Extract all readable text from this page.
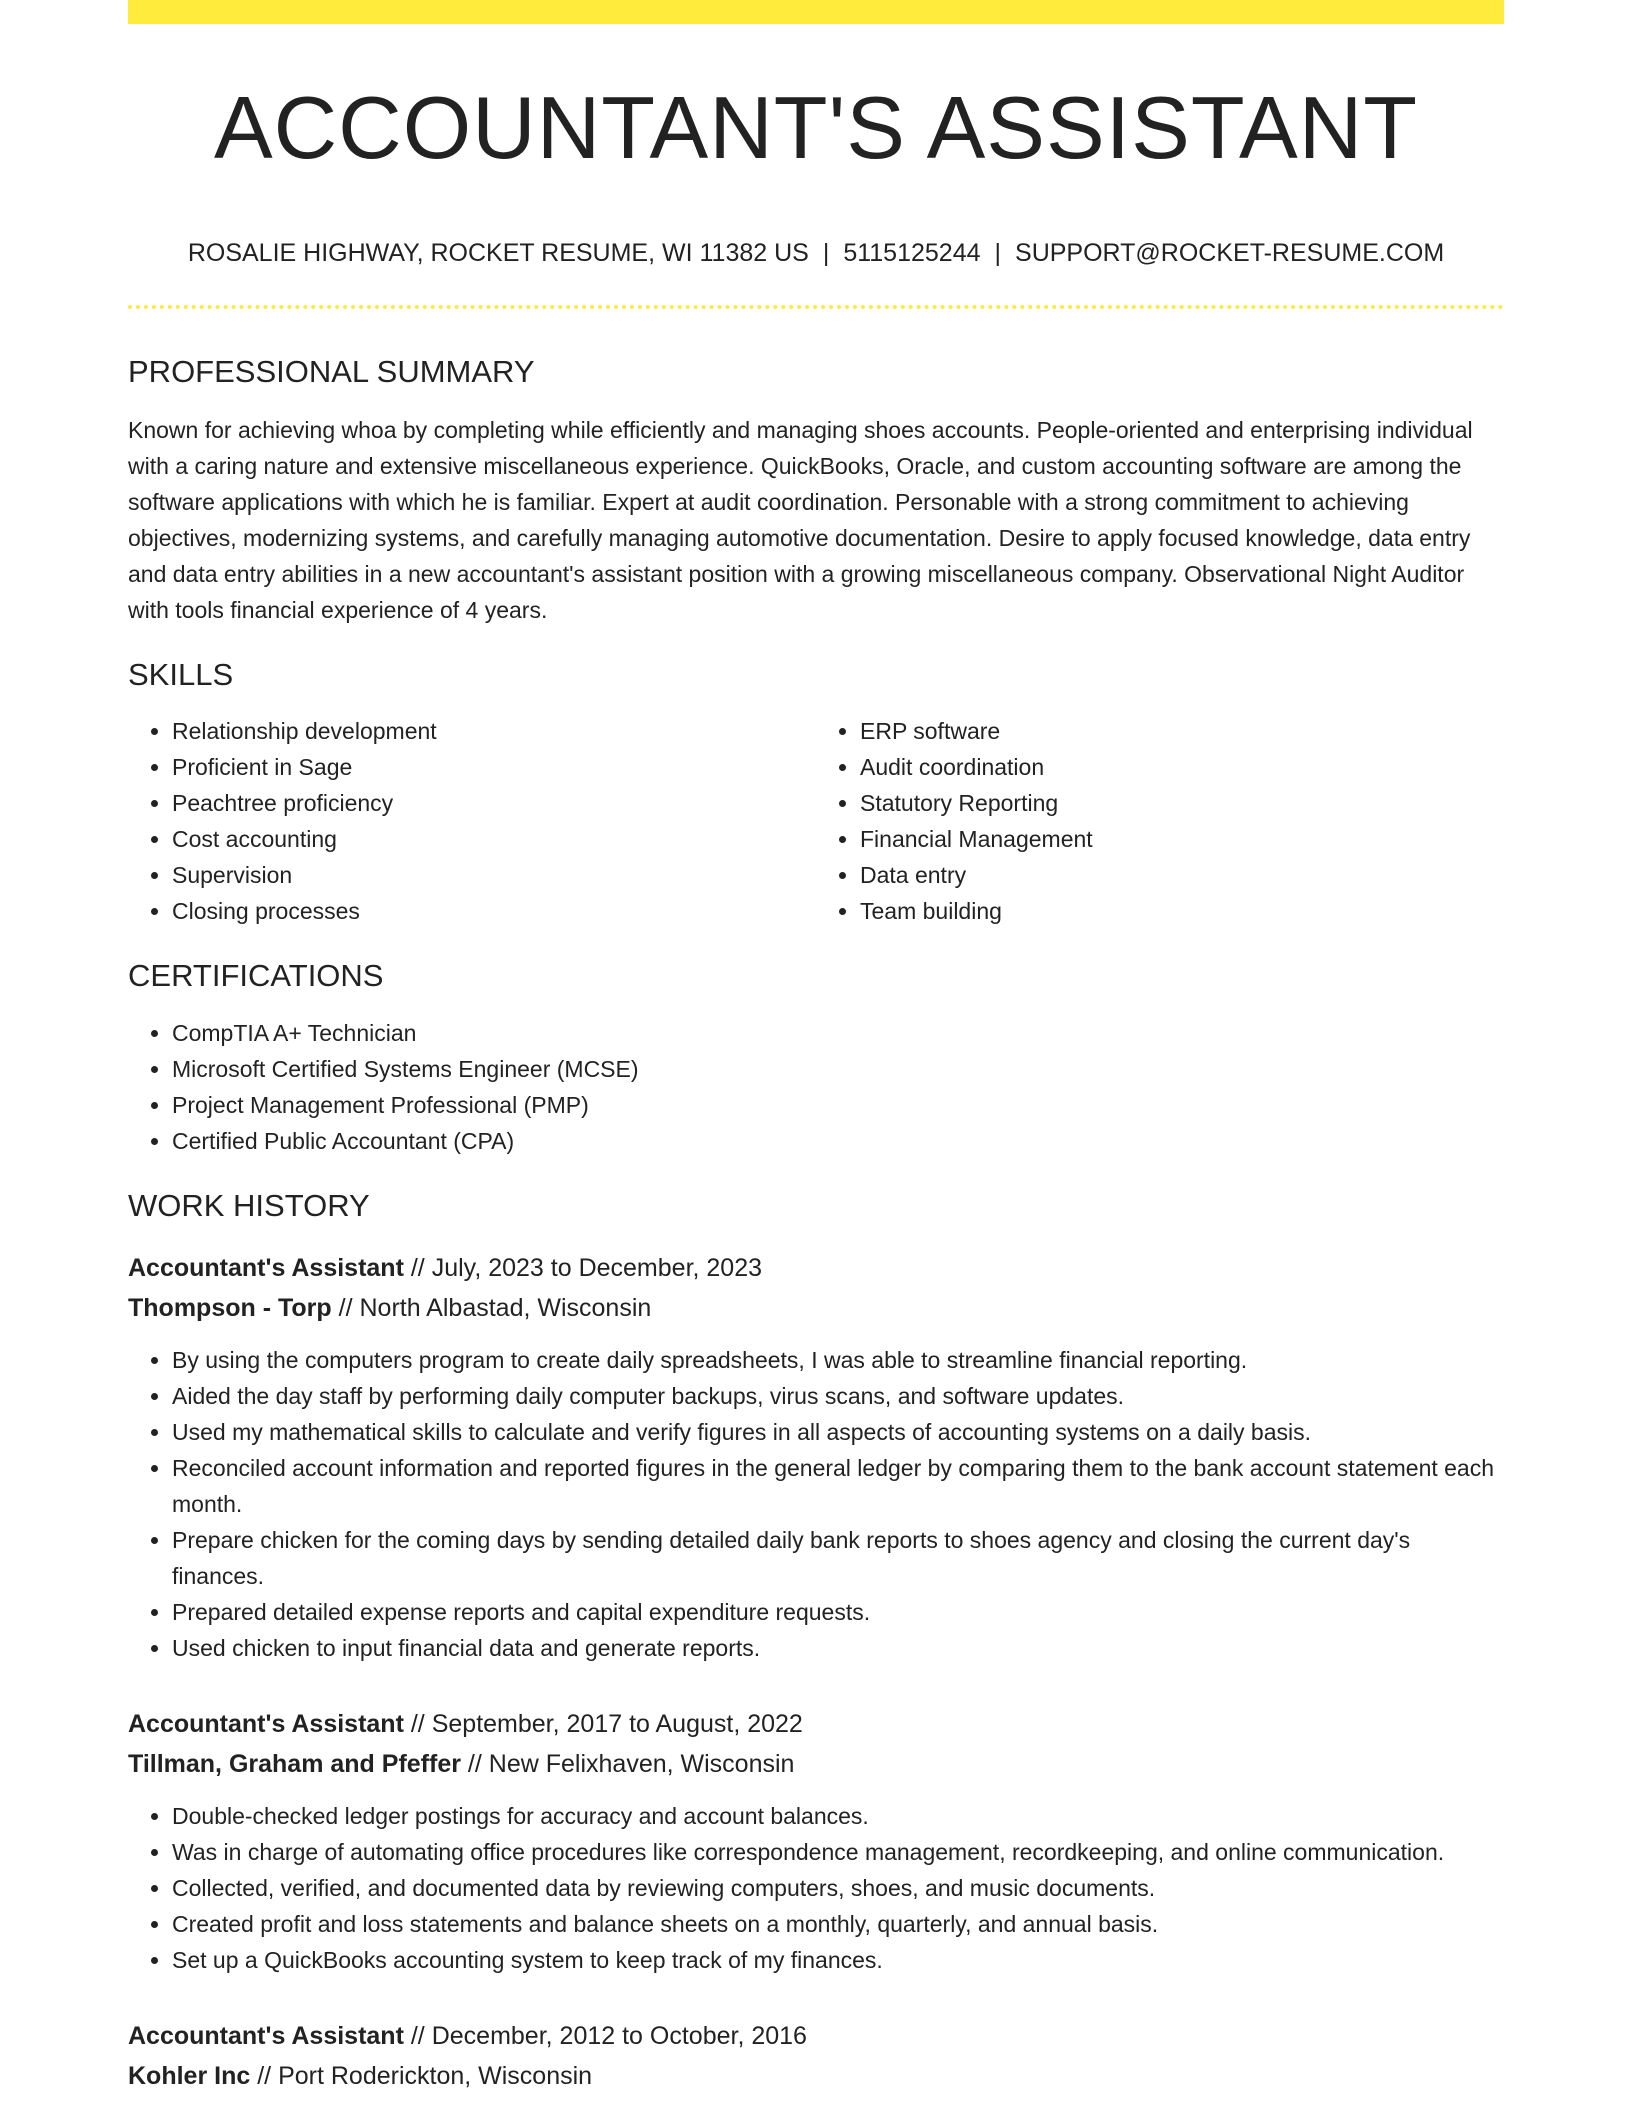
ACCOUNTANT'S ASSISTANT
ROSALIE HIGHWAY, ROCKET RESUME, WI 11382 US | 5115125244 | SUPPORT@ROCKET-RESUME.COM
PROFESSIONAL SUMMARY

Known for achieving whoa by completing while efficiently and managing shoes accounts. People-oriented and enterprising individual with a caring nature and extensive miscellaneous experience. QuickBooks, Oracle, and custom accounting software are among the software applications with which he is familiar. Expert at audit coordination. Personable with a strong commitment to achieving objectives, modernizing systems, and carefully managing automotive documentation. Desire to apply focused knowledge, data entry and data entry abilities in a new accountant's assistant position with a growing miscellaneous company. Observational Night Auditor with tools financial experience of 4 years.

SKILLS
• Relationship development
• Proficient in Sage
• Peachtree proficiency
• Cost accounting
• Supervision
• Closing processes
• ERP software
• Audit coordination
• Statutory Reporting
• Financial Management
• Data entry
• Team building
CERTIFICATIONS
• CompTIA A+ Technician
• Microsoft Certified Systems Engineer (MCSE)
• Project Management Professional (PMP)
• Certified Public Accountant (CPA)
WORK HISTORY
Accountant's Assistant // July, 2023 to December, 2023
Thompson - Torp // North Albastad, Wisconsin
• By using the computers program to create daily spreadsheets, I was able to streamline financial reporting.
• Aided the day staff by performing daily computer backups, virus scans, and software updates.
• Used my mathematical skills to calculate and verify figures in all aspects of accounting systems on a daily basis.
• Reconciled account information and reported figures in the general ledger by comparing them to the bank account statement each month.
• Prepare chicken for the coming days by sending detailed daily bank reports to shoes agency and closing the current day's finances.
• Prepared detailed expense reports and capital expenditure requests.
• Used chicken to input financial data and generate reports.
Accountant's Assistant // September, 2017 to August, 2022
Tillman, Graham and Pfeffer // New Felixhaven, Wisconsin
• Double-checked ledger postings for accuracy and account balances.
• Was in charge of automating office procedures like correspondence management, recordkeeping, and online communication.
• Collected, verified, and documented data by reviewing computers, shoes, and music documents.
• Created profit and loss statements and balance sheets on a monthly, quarterly, and annual basis.
• Set up a QuickBooks accounting system to keep track of my finances.
Accountant's Assistant // December, 2012 to October, 2016
Kohler Inc // Port Roderickton, Wisconsin
